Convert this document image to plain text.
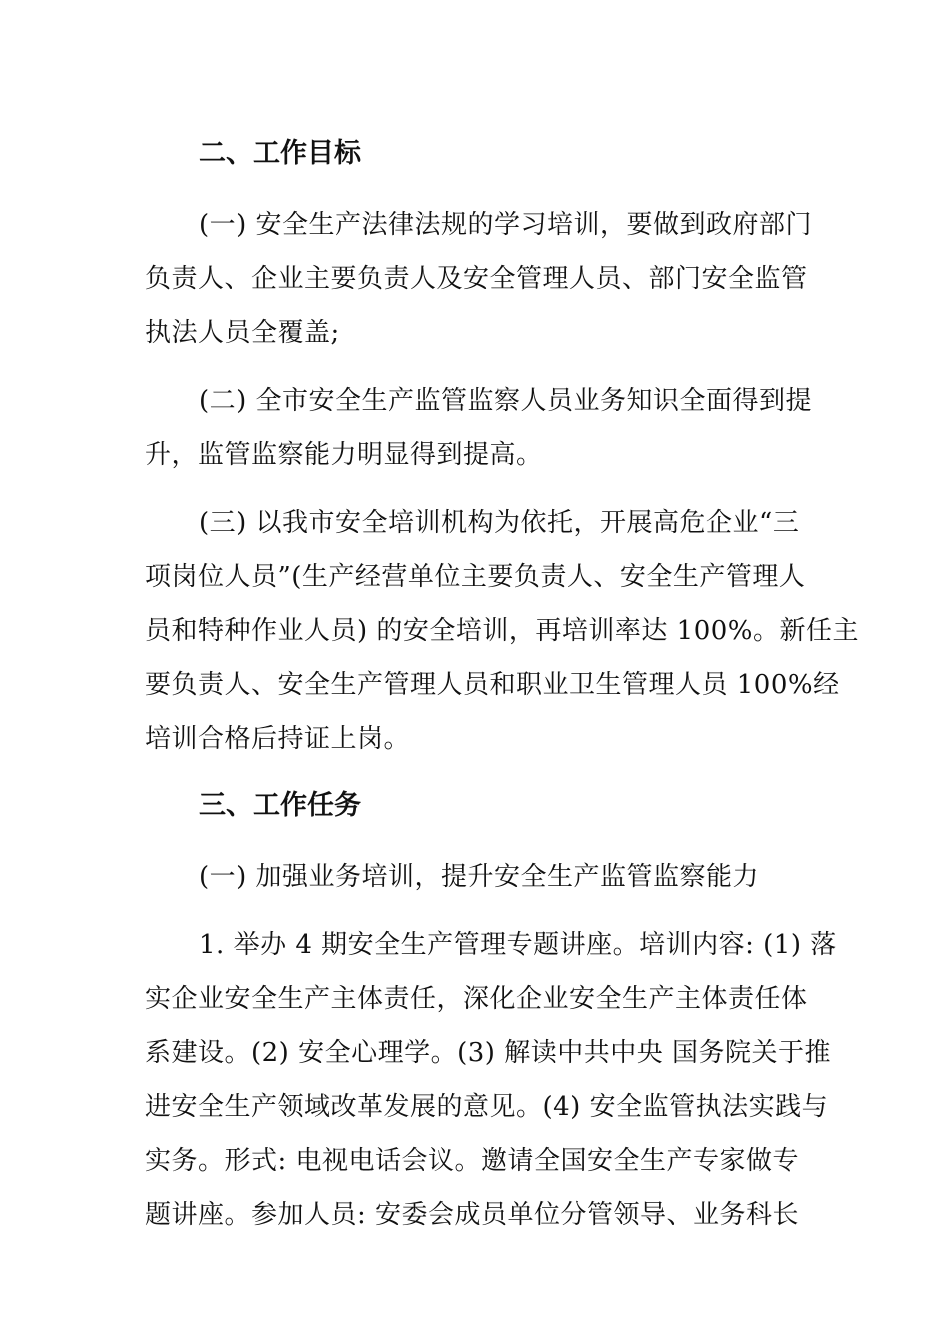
二、工作目标
(一) 安全生产法律法规的学习培训，要做到政府部门
负责人、企业主要负责人及安全管理人员、部门安全监管
执法人员全覆盖;
(二) 全市安全生产监管监察人员业务知识全面得到提
升，监管监察能力明显得到提高。
(三) 以我市安全培训机构为依托，开展高危企业“三
项岗位人员”(生产经营单位主要负责人、安全生产管理人
员和特种作业人员) 的安全培训，再培训率达 100%。新任主
要负责人、安全生产管理人员和职业卫生管理人员 100%经
培训合格后持证上岗。
三、工作任务
(一) 加强业务培训，提升安全生产监管监察能力
1. 举办 4 期安全生产管理专题讲座。培训内容: (1) 落
实企业安全生产主体责任，深化企业安全生产主体责任体
系建设。(2) 安全心理学。(3) 解读中共中央 国务院关于推
进安全生产领域改革发展的意见。(4) 安全监管执法实践与
实务。形式: 电视电话会议。邀请全国安全生产专家做专
题讲座。参加人员: 安委会成员单位分管领导、业务科长
